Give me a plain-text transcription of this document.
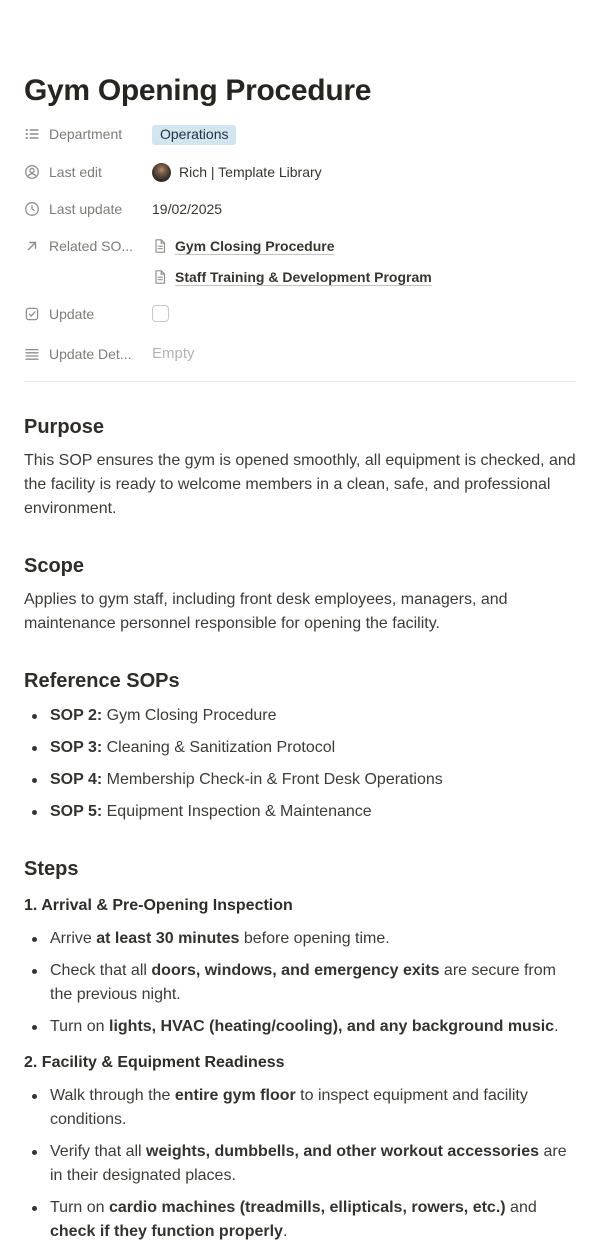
Gym Opening Procedure
Department	Operations
Last edit	Rich | Template Library
Last update 19/02/2025
Related SO...	Gym Closing Procedure
Staff Training & Development Program
Update
Update Det... Empty
Purpose

This SOP ensures the gym is opened smoothly, all equipment is checked, and the facility is ready to welcome members in a clean, safe, and professional environment.

Scope

Applies to gym staff, including front desk employees, managers, and maintenance personnel responsible for opening the facility.

Reference SOPs
SOP 2: Gym Closing Procedure
SOP 3: Cleaning & Sanitization Protocol
SOP 4: Membership Check-in & Front Desk Operations
SOP 5: Equipment Inspection & Maintenance
Steps

1. Arrival & Pre-Opening Inspection

Arrive at least 30 minutes before opening time.
Check that all doors, windows, and emergency exits are secure from the previous night.
Turn on lights, HVAC (heating/cooling), and any background music.

2. Facility & Equipment Readiness

Walk through the entire gym floor to inspect equipment and facility conditions.
Verify that all weights, dumbbells, and other workout accessories are in their designated places.
Turn on cardio machines (treadmills, ellipticals, rowers, etc.) and check if they function properly.
